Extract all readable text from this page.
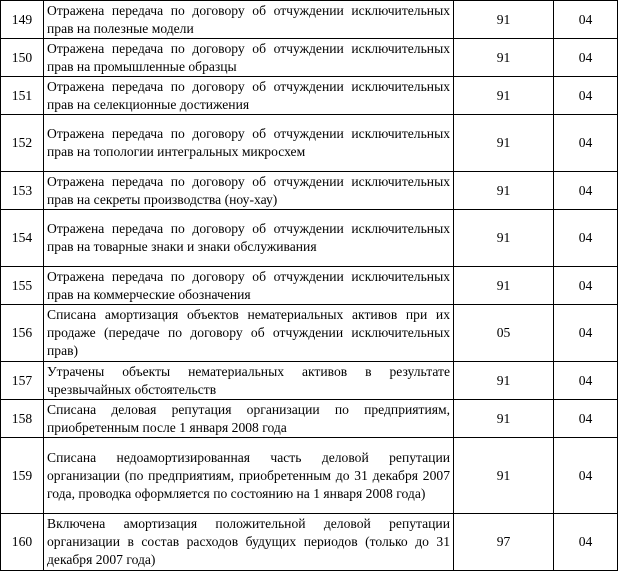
149	Отражена передача по договору об отчуждении исключительных прав на полезные модели	91	04
150	Отражена передача по договору об отчуждении исключительных прав на промышленные образцы	91	04
151	Отражена передача по договору об отчуждении исключительных прав на селекционные достижения	91	04
152	Отражена передача по договору об отчуждении исключительных прав на топологии интегральных микросхем	91	04
153	Отражена передача по договору об отчуждении исключительных прав на секреты производства (ноу-хау)	91	04
154	Отражена передача по договору об отчуждении исключительных прав на товарные знаки и знаки обслуживания	91	04
155	Отражена передача по договору об отчуждении исключительных прав на коммерческие обозначения	91	04
156	Списана амортизация объектов нематериальных активов при их продаже (передаче по договору об отчуждении исключительных прав)	05	04
157	Утрачены объекты нематериальных активов в результате чрезвычайных обстоятельств	91	04
158	Списана деловая репутация организации по предприятиям, приобретенным после 1 января 2008 года	91	04
159	Списана недоамортизированная часть деловой репутации организации (по предприятиям, приобретенным до 31 декабря 2007 года, проводка оформляется по состоянию на 1 января 2008 года)	91	04
160	Включена амортизация положительной деловой репутации организации в состав расходов будущих периодов (только до 31 декабря 2007 года)	97	04
